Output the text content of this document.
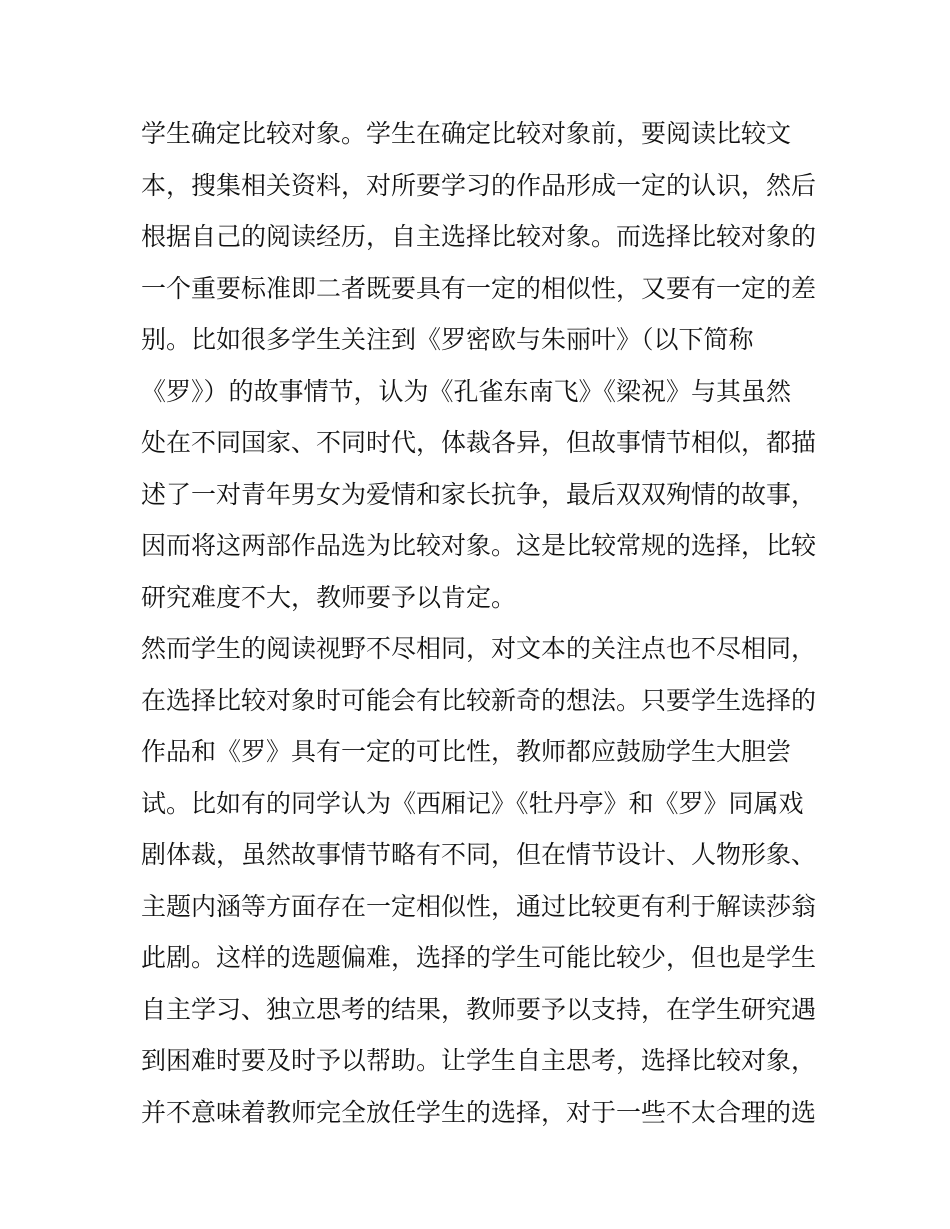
学生确定比较对象。学生在确定比较对象前，要阅读比较文
本，搜集相关资料，对所要学习的作品形成一定的认识，然后
根据自己的阅读经历，自主选择比较对象。而选择比较对象的
一个重要标准即二者既要具有一定的相似性，又要有一定的差
别。比如很多学生关注到《罗密欧与朱丽叶》（以下简称
《罗》）的故事情节，认为《孔雀东南飞》《梁祝》与其虽然
处在不同国家、不同时代，体裁各异，但故事情节相似，都描
述了一对青年男女为爱情和家长抗争，最后双双殉情的故事，
因而将这两部作品选为比较对象。这是比较常规的选择，比较
研究难度不大，教师要予以肯定。
然而学生的阅读视野不尽相同，对文本的关注点也不尽相同，
在选择比较对象时可能会有比较新奇的想法。只要学生选择的
作品和《罗》具有一定的可比性，教师都应鼓励学生大胆尝
试。比如有的同学认为《西厢记》《牡丹亭》和《罗》同属戏
剧体裁，虽然故事情节略有不同，但在情节设计、人物形象、
主题内涵等方面存在一定相似性，通过比较更有利于解读莎翁
此剧。这样的选题偏难，选择的学生可能比较少，但也是学生
自主学习、独立思考的结果，教师要予以支持，在学生研究遇
到困难时要及时予以帮助。让学生自主思考，选择比较对象，
并不意味着教师完全放任学生的选择，对于一些不太合理的选
